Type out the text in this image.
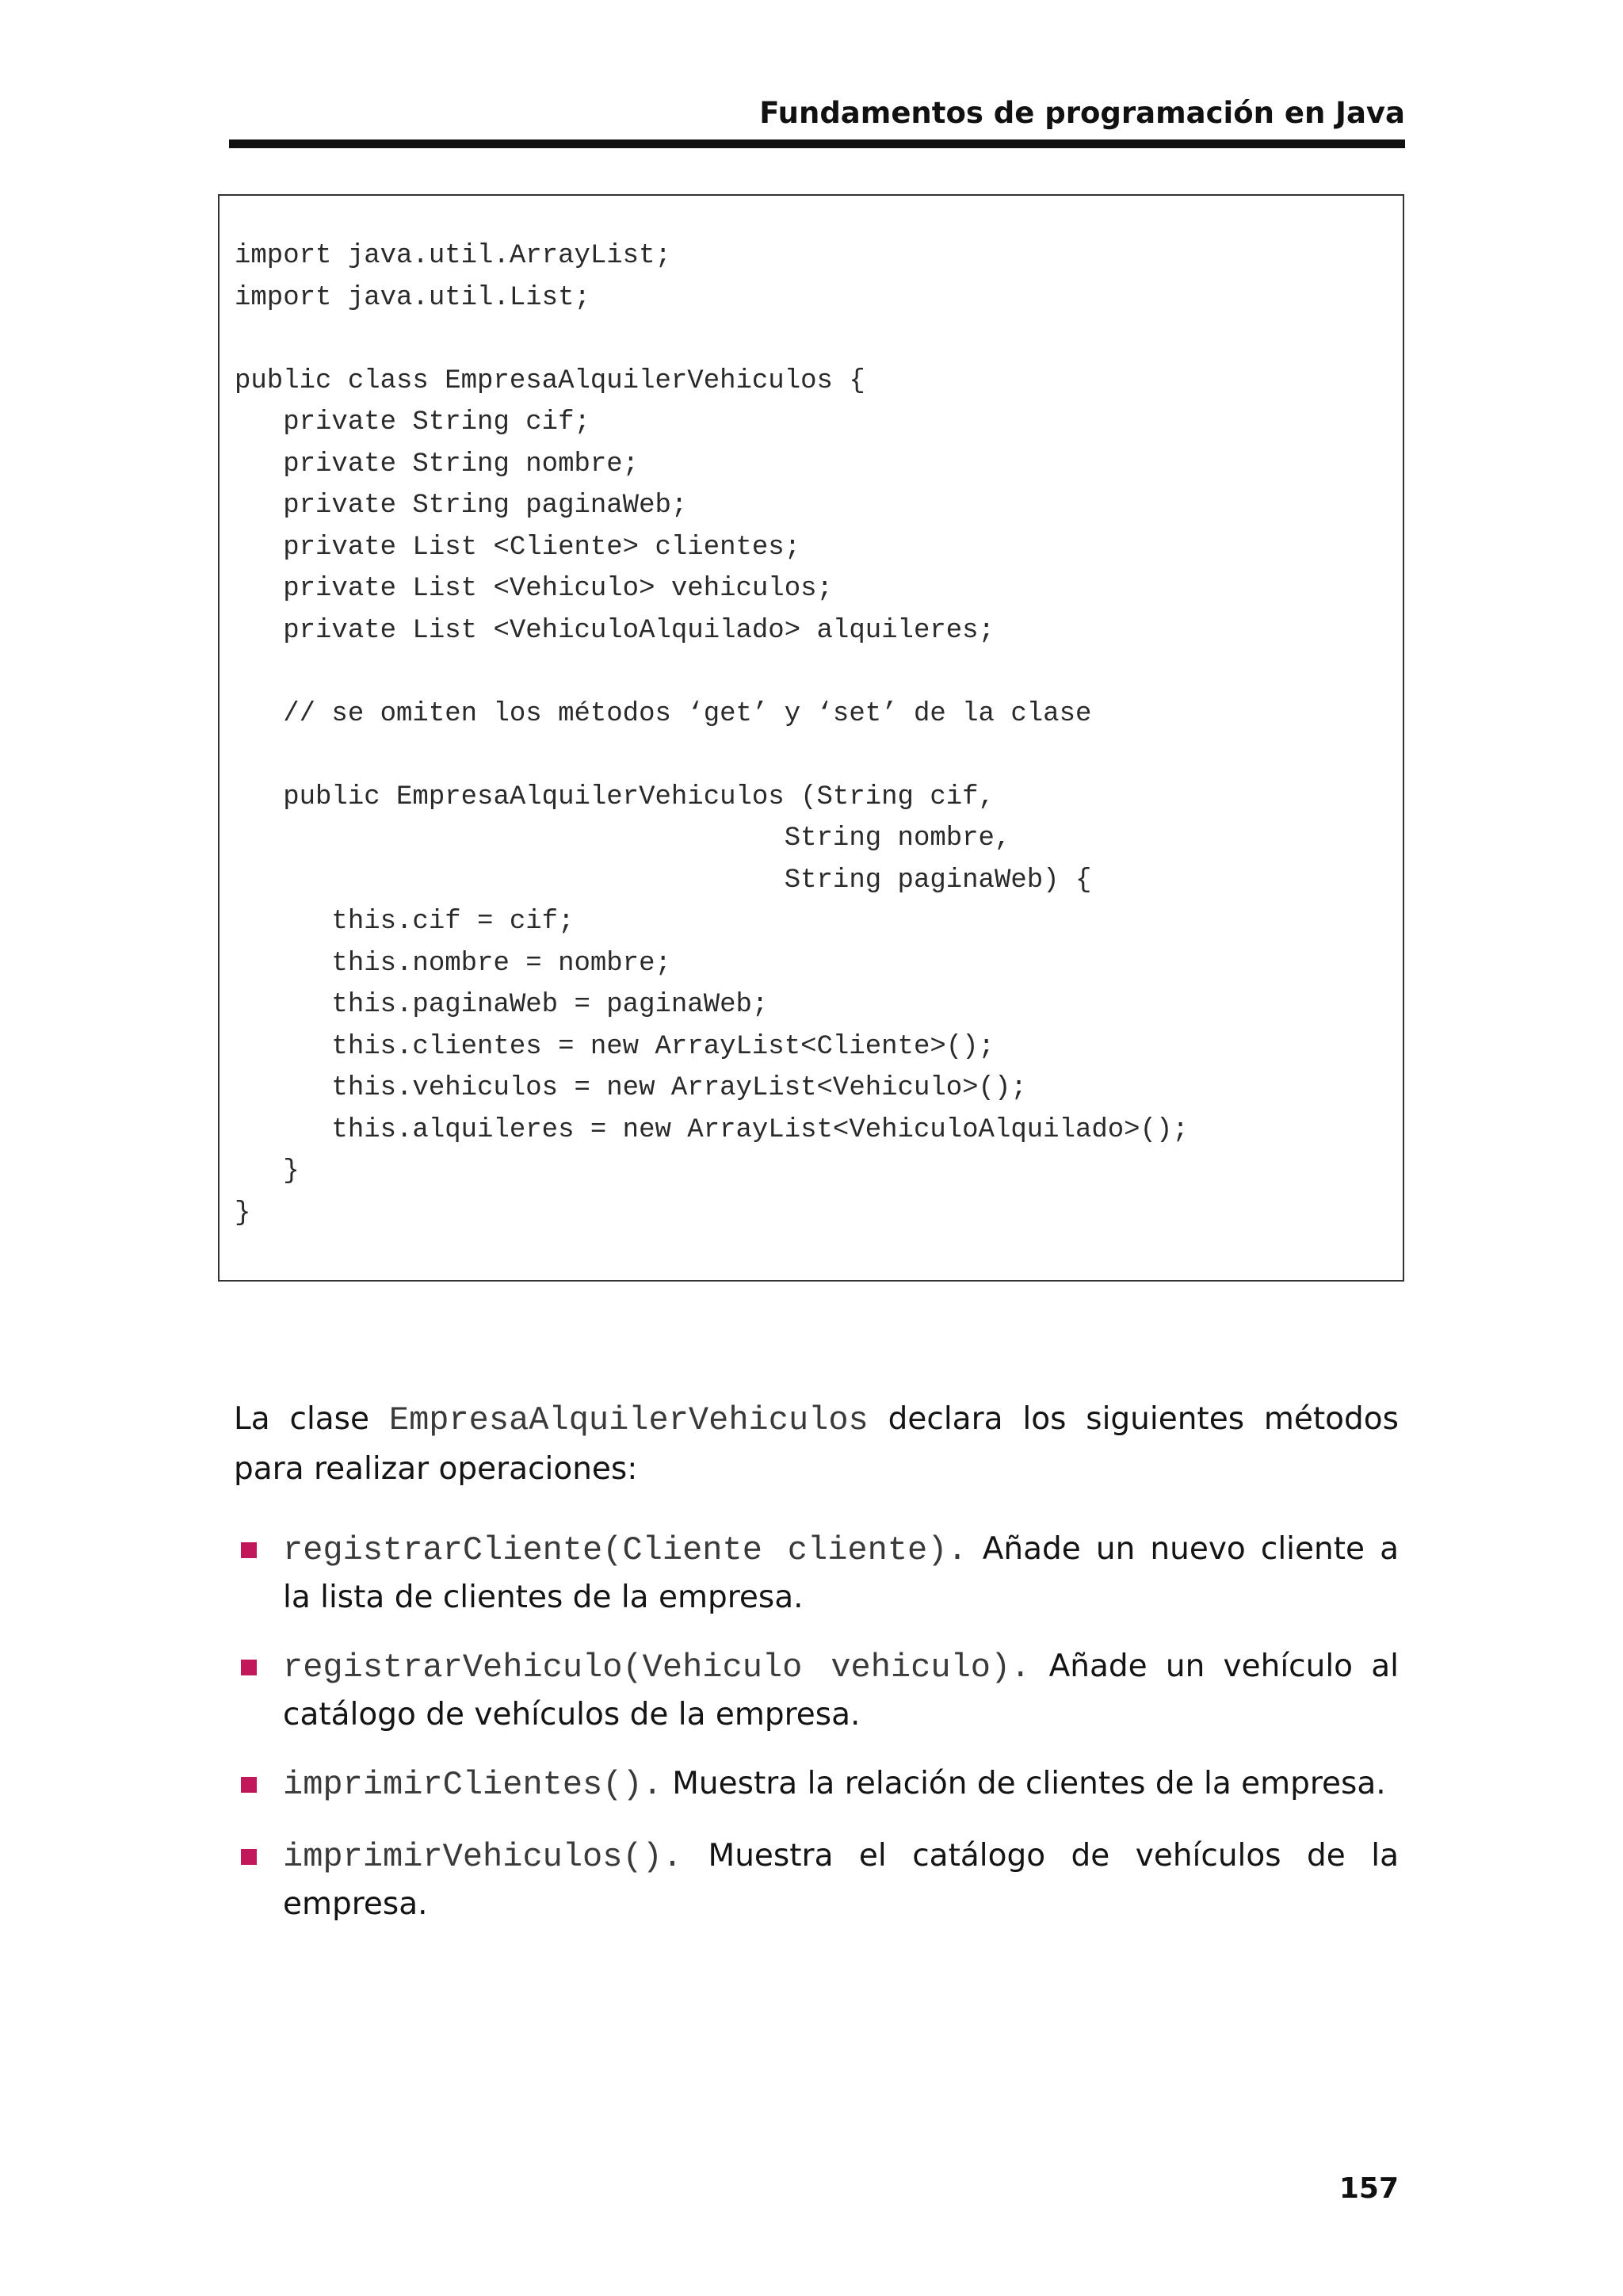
Fundamentos de programación en Java
import java.util.ArrayList;
import java.util.List;
public class EmpresaAlquilerVehiculos {
private String cif;
private String nombre;
private String paginaWeb;
private List <Cliente> clientes;
private List <Vehiculo> vehiculos;
private List <VehiculoAlquilado> alquileres;
// se omiten los métodos ‘get’ y ‘set’ de la clase
public EmpresaAlquilerVehiculos (String cif,
String nombre,
String paginaWeb) {
this.cif = cif;
this.nombre = nombre;
this.paginaWeb = paginaWeb;
this.clientes = new ArrayList<Cliente>();
this.vehiculos = new ArrayList<Vehiculo>();
this.alquileres = new ArrayList<VehiculoAlquilado>();
}
}
La clase EmpresaAlquilerVehiculos declara los siguientes métodos para realizar operaciones:
registrarCliente(Cliente cliente). Añade un nuevo cliente a la lista de clientes de la empresa.
registrarVehiculo(Vehiculo vehiculo). Añade un vehículo al catálogo de vehículos de la empresa.
imprimirClientes(). Muestra la relación de clientes de la empresa.
imprimirVehiculos(). Muestra el catálogo de vehículos de la empresa.
157
